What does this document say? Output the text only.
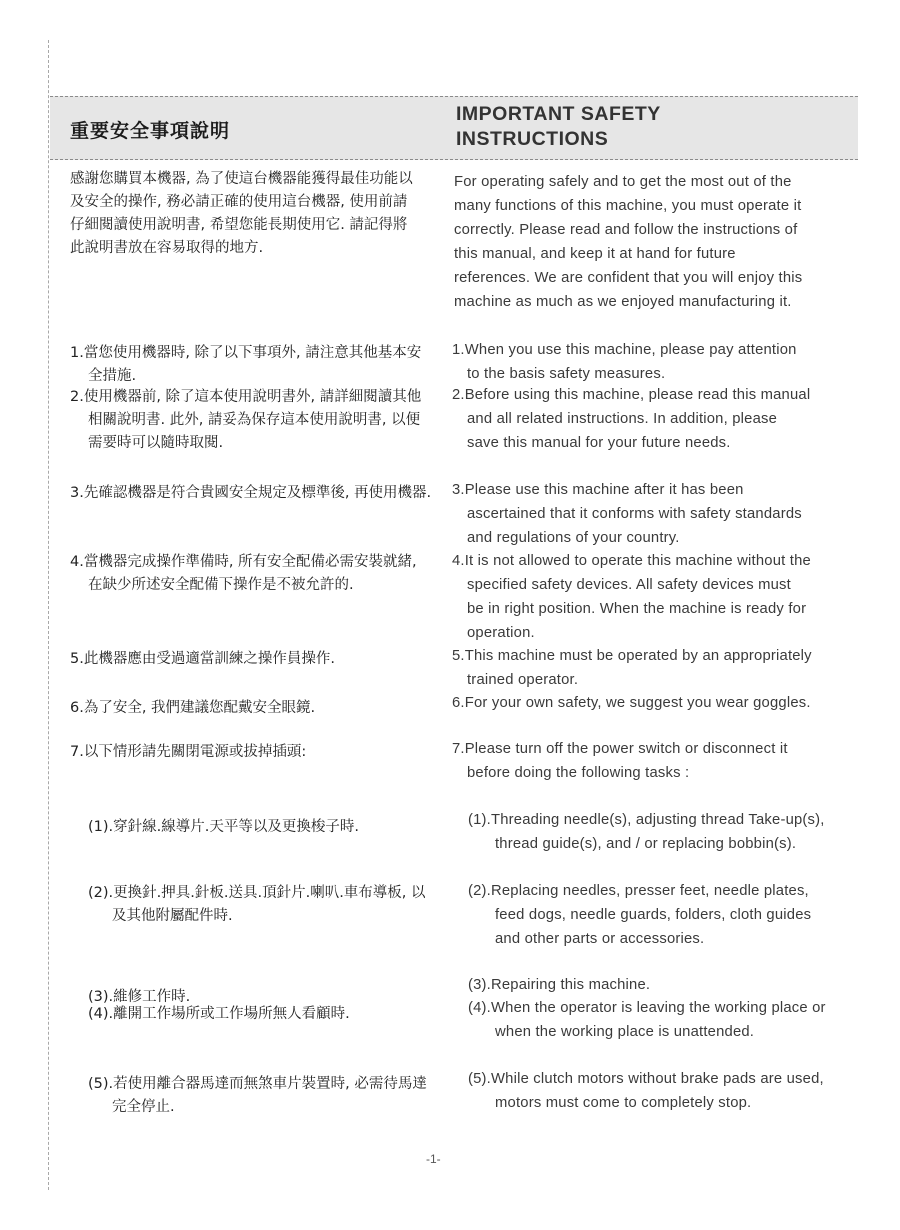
重要安全事項說明
IMPORTANT SAFETY
INSTRUCTIONS

感謝您購買本機器, 為了使這台機器能獲得最佳功能以及安全的操作, 務必請正確的使用這台機器, 使用前請仔細閱讀使用說明書, 希望您能長期使用它. 請記得將此說明書放在容易取得的地方.

For operating safely and to get the most out of the many functions of this machine, you must operate it correctly. Please read and follow the instructions of this manual, and keep it at hand for future references. We are confident that you will enjoy this machine as much as we enjoyed manufacturing it.

1.當您使用機器時, 除了以下事項外, 請注意其他基本安全措施.

2.使用機器前, 除了這本使用說明書外, 請詳細閱讀其他相關說明書. 此外, 請妥為保存這本使用說明書, 以便需要時可以隨時取閱.

3.先確認機器是符合貴國安全規定及標準後, 再使用機器.

4.當機器完成操作準備時, 所有安全配備必需安裝就緒, 在缺少所述安全配備下操作是不被允許的.

5.此機器應由受過適當訓練之操作員操作.

6.為了安全, 我們建議您配戴安全眼鏡.

7.以下情形請先關閉電源或拔掉插頭:

(1).穿針線.線導片.天平等以及更換梭子時.

(2).更換針.押具.針板.送具.頂針片.喇叭.車布導板, 以及其他附屬配件時.

(3).維修工作時.

(4).離開工作場所或工作場所無人看顧時.

(5).若使用離合器馬達而無煞車片裝置時, 必需待馬達完全停止.

1.When you use this machine, please pay attention to the basis safety measures.

2.Before using this machine, please read this manual and all related instructions. In addition, please save this manual for your future needs.

3.Please use this machine after it has been ascertained that it conforms with safety standards and regulations of your country.

4.It is not allowed to operate this machine without the specified safety devices. All safety devices must be in right position. When the machine is ready for operation.

5.This machine must be operated by an appropriately trained operator.

6.For your own safety, we suggest you wear goggles.

7.Please turn off the power switch or disconnect it before doing the following tasks :

(1).Threading needle(s), adjusting thread Take-up(s), thread guide(s), and / or replacing bobbin(s).

(2).Replacing needles, presser feet, needle plates, feed dogs, needle guards, folders, cloth guides and other parts or accessories.

(3).Repairing this machine.

(4).When the operator is leaving the working place or when the working place is unattended.

(5).While clutch motors without brake pads are used, motors must come to completely stop.

-1-
